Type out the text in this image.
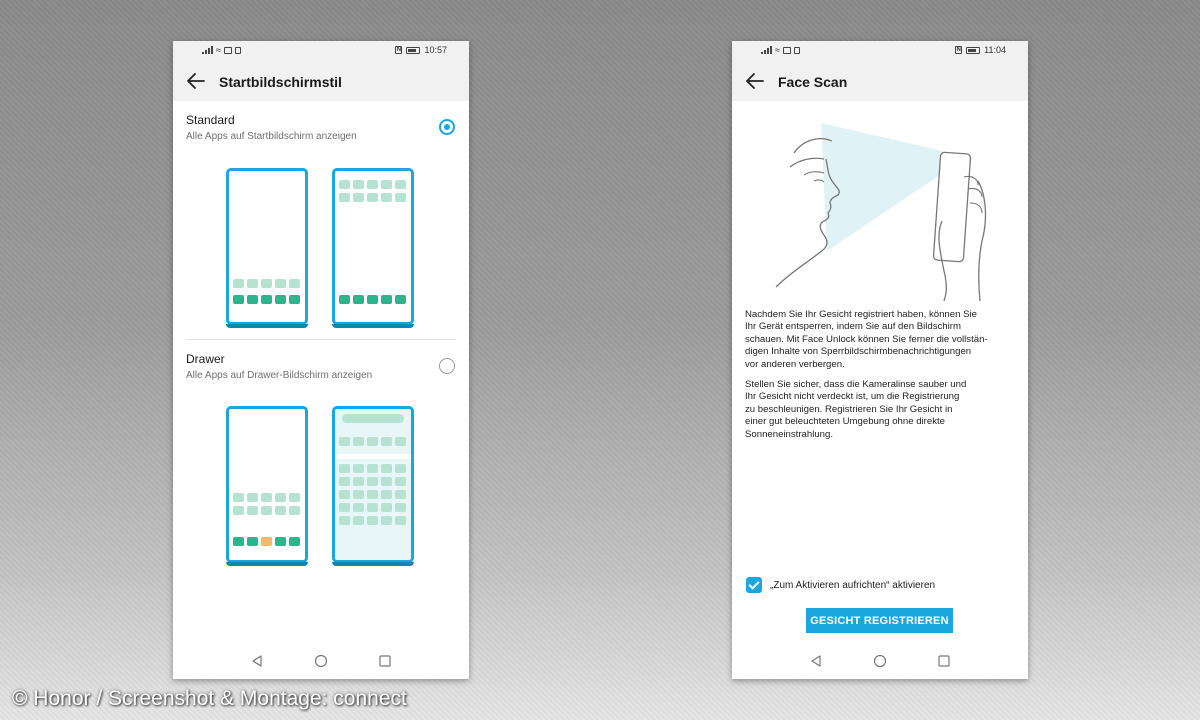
≈	N	10:57
Startbildschirmstil
Standard
Alle Apps auf Startbildschirm anzeigen
Drawer
Alle Apps auf Drawer-Bildschirm anzeigen
≈	N	11:04
Face Scan
Nachdem Sie Ihr Gesicht registriert haben, können Sie
Ihr Gerät entsperren, indem Sie auf den Bildschirm
schauen. Mit Face Unlock können Sie ferner die vollstän-
digen Inhalte von Sperrbildschirmbenachrichtigungen
vor anderen verbergen.
Stellen Sie sicher, dass die Kameralinse sauber und
Ihr Gesicht nicht verdeckt ist, um die Registrierung
zu beschleunigen. Registrieren Sie Ihr Gesicht in
einer gut beleuchteten Umgebung ohne direkte
Sonneneinstrahlung.
„Zum Aktivieren aufrichten“ aktivieren
GESICHT REGISTRIEREN
© Honor / Screenshot & Montage: connect
